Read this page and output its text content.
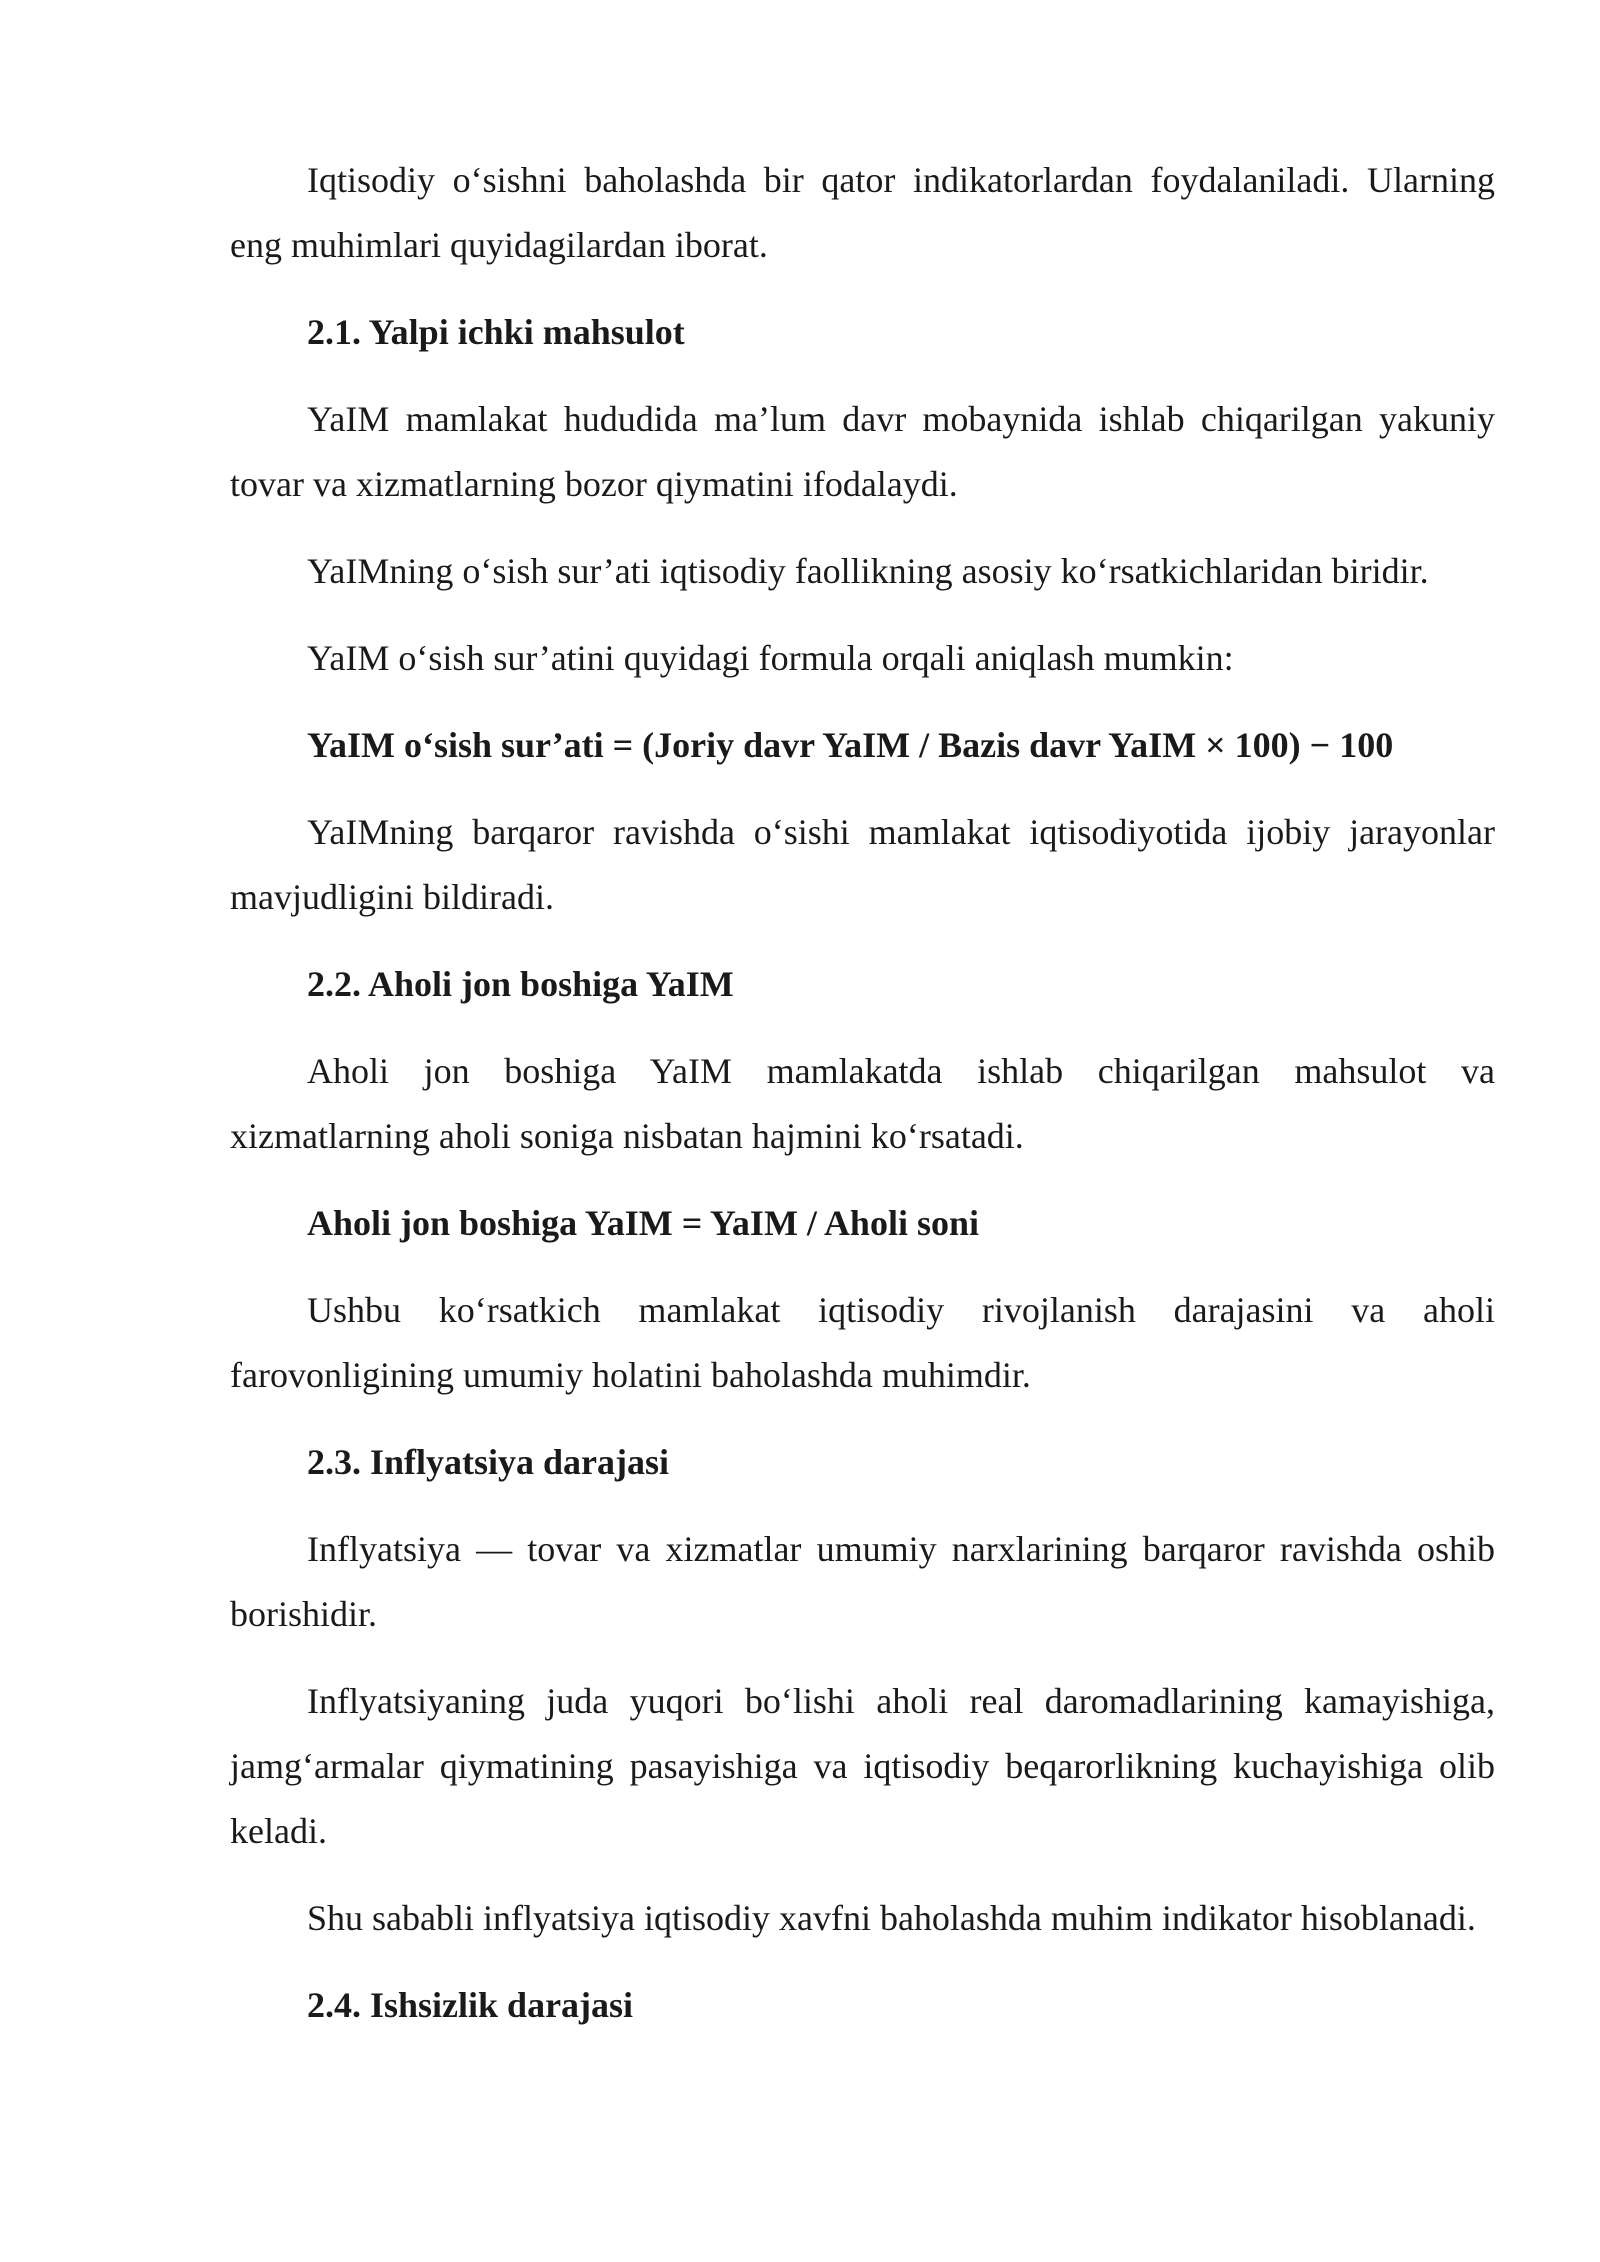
Iqtisodiy o‘sishni baholashda bir qator indikatorlardan foydalaniladi. Ularning eng muhimlari quyidagilardan iborat.

2.1. Yalpi ichki mahsulot

YaIM mamlakat hududida ma’lum davr mobaynida ishlab chiqarilgan yakuniy tovar va xizmatlarning bozor qiymatini ifodalaydi.

YaIMning o‘sish sur’ati iqtisodiy faollikning asosiy ko‘rsatkichlaridan biridir.

YaIM o‘sish sur’atini quyidagi formula orqali aniqlash mumkin:

YaIM o‘sish sur’ati = (Joriy davr YaIM / Bazis davr YaIM × 100) − 100

YaIMning barqaror ravishda o‘sishi mamlakat iqtisodiyotida ijobiy jarayonlar mavjudligini bildiradi.

2.2. Aholi jon boshiga YaIM

Aholi jon boshiga YaIM mamlakatda ishlab chiqarilgan mahsulot va xizmatlarning aholi soniga nisbatan hajmini ko‘rsatadi.

Aholi jon boshiga YaIM = YaIM / Aholi soni

Ushbu ko‘rsatkich mamlakat iqtisodiy rivojlanish darajasini va aholi farovonligining umumiy holatini baholashda muhimdir.

2.3. Inflyatsiya darajasi

Inflyatsiya — tovar va xizmatlar umumiy narxlarining barqaror ravishda oshib borishidir.

Inflyatsiyaning juda yuqori bo‘lishi aholi real daromadlarining kamayishiga, jamg‘armalar qiymatining pasayishiga va iqtisodiy beqarorlikning kuchayishiga olib keladi.

Shu sababli inflyatsiya iqtisodiy xavfni baholashda muhim indikator hisoblanadi.

2.4. Ishsizlik darajasi
